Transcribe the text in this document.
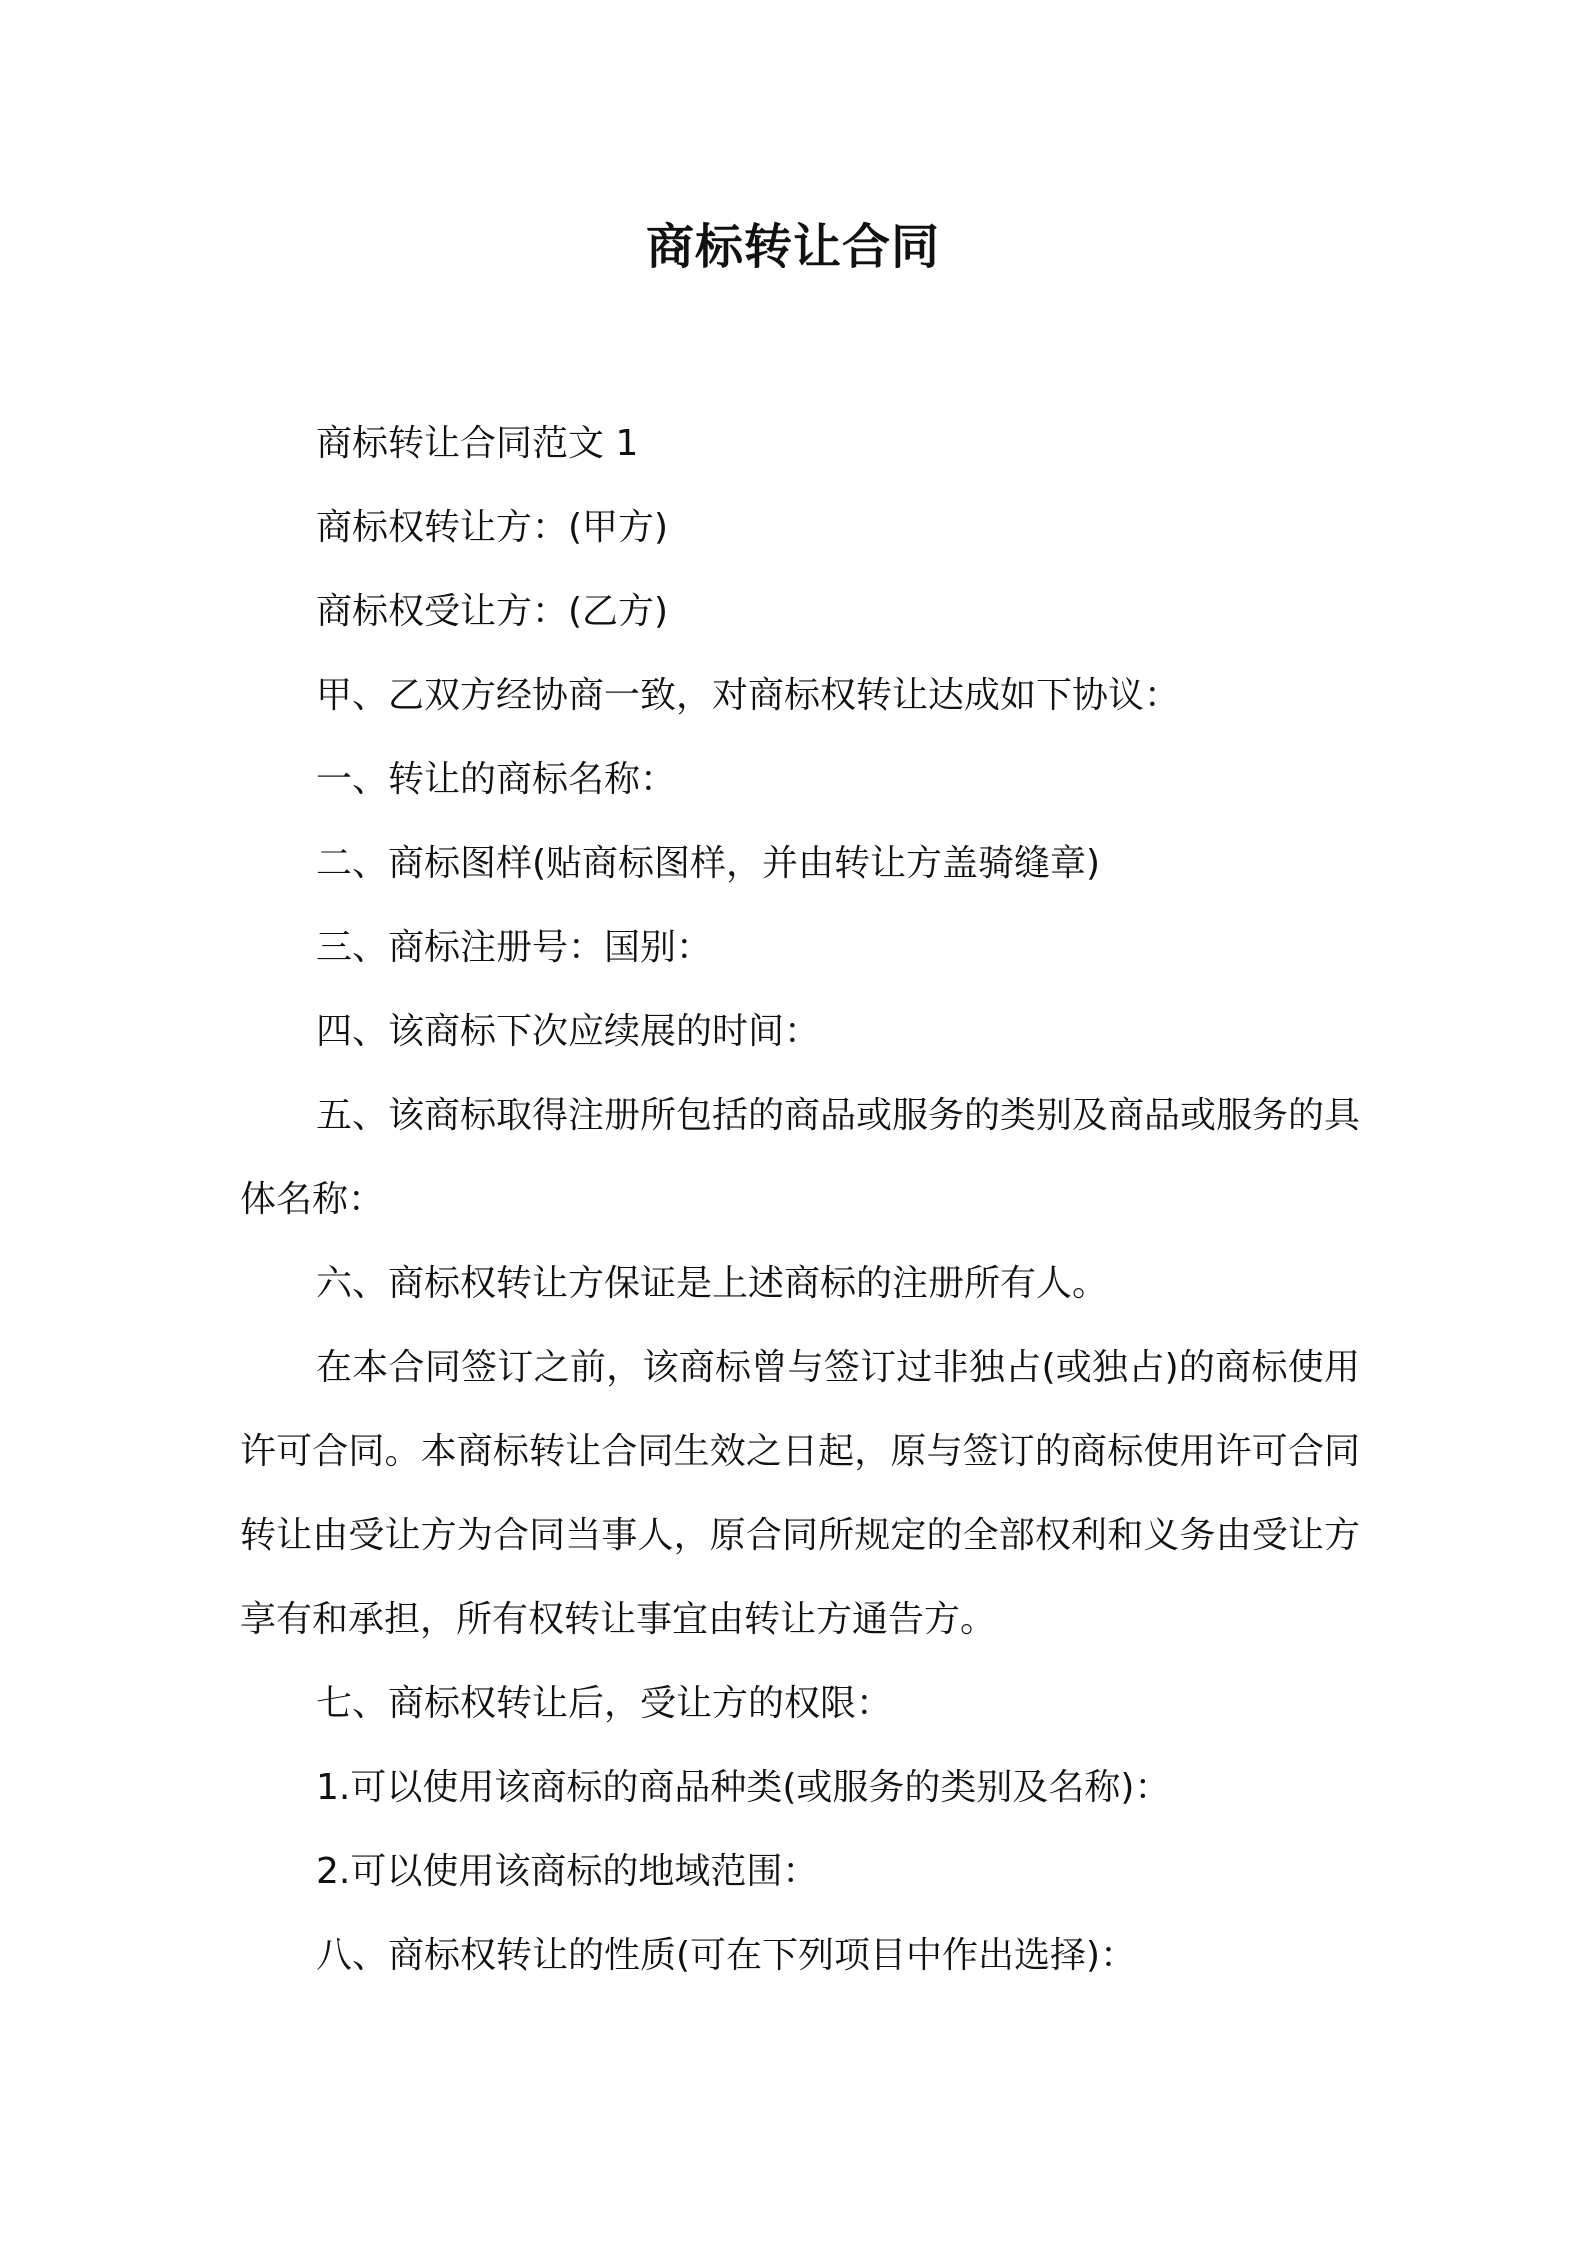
商标转让合同

商标转让合同范文 1

商标权转让方：(甲方)

商标权受让方：(乙方)

甲、乙双方经协商一致，对商标权转让达成如下协议：

一、转让的商标名称：

二、商标图样(贴商标图样，并由转让方盖骑缝章)

三、商标注册号：国别：

四、该商标下次应续展的时间：

五、该商标取得注册所包括的商品或服务的类别及商品或服务的具体名称：

六、商标权转让方保证是上述商标的注册所有人。

在本合同签订之前，该商标曾与签订过非独占(或独占)的商标使用许可合同。本商标转让合同生效之日起，原与签订的商标使用许可合同转让由受让方为合同当事人，原合同所规定的全部权利和义务由受让方享有和承担，所有权转让事宜由转让方通告方。

七、商标权转让后，受让方的权限：

1.可以使用该商标的商品种类(或服务的类别及名称)：

2.可以使用该商标的地域范围：

八、商标权转让的性质(可在下列项目中作出选择)：
